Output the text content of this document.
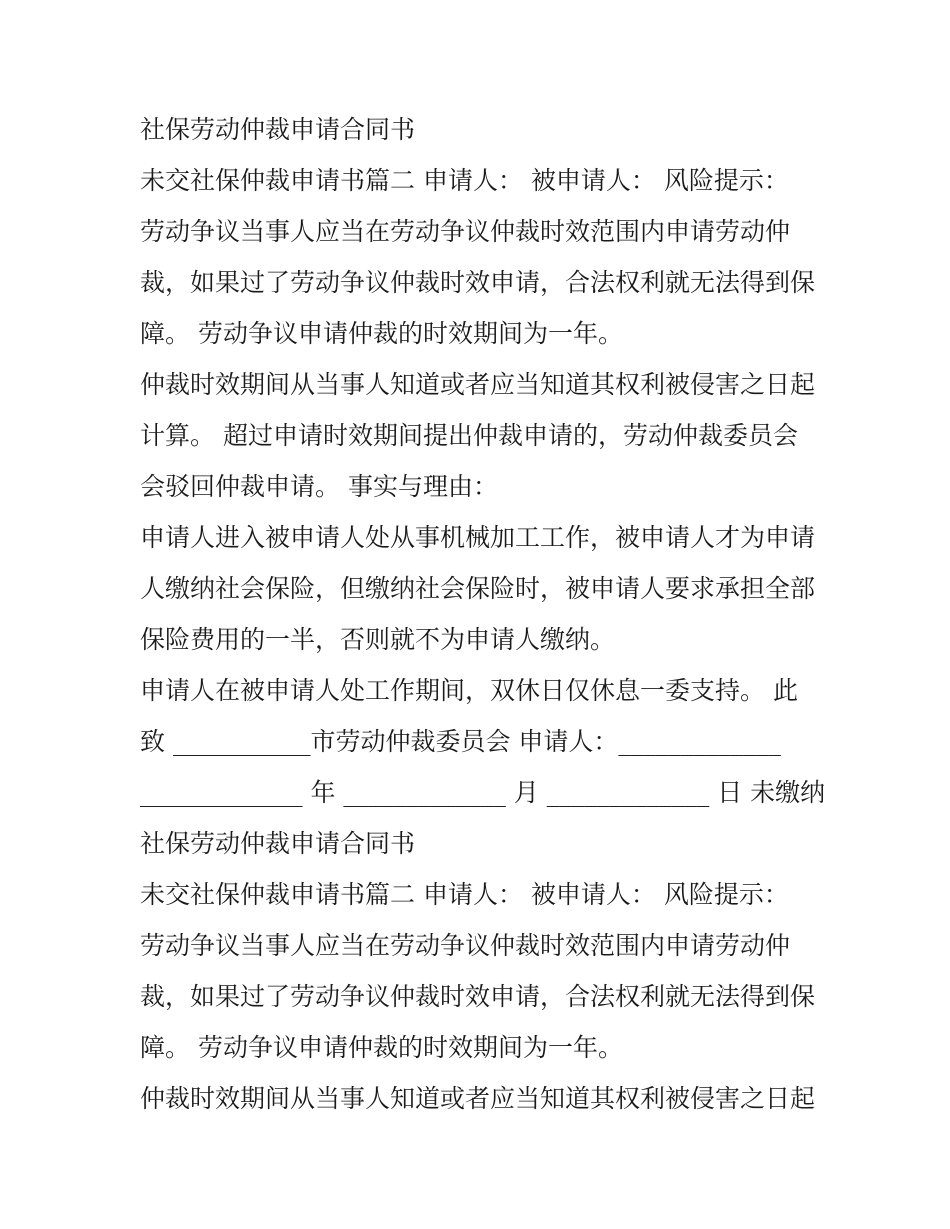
社保劳动仲裁申请合同书
未交社保仲裁申请书篇二 申请人： 被申请人： 风险提示：
劳动争议当事人应当在劳动争议仲裁时效范围内申请劳动仲
裁，如果过了劳动争议仲裁时效申请，合法权利就无法得到保
障。 劳动争议申请仲裁的时效期间为一年。
仲裁时效期间从当事人知道或者应当知道其权利被侵害之日起
计算。 超过申请时效期间提出仲裁申请的，劳动仲裁委员会
会驳回仲裁申请。 事实与理由：
申请人进入被申请人处从事机械加工工作，被申请人才为申请
人缴纳社会保险，但缴纳社会保险时，被申请人要求承担全部
保险费用的一半，否则就不为申请人缴纳。
申请人在被申请人处工作期间，双休日仅休息一委支持。 此
致 ___________市劳动仲裁委员会 申请人：_____________
_____________ 年 _____________ 月 _____________ 日 未缴纳
社保劳动仲裁申请合同书
未交社保仲裁申请书篇二 申请人： 被申请人： 风险提示：
劳动争议当事人应当在劳动争议仲裁时效范围内申请劳动仲
裁，如果过了劳动争议仲裁时效申请，合法权利就无法得到保
障。 劳动争议申请仲裁的时效期间为一年。
仲裁时效期间从当事人知道或者应当知道其权利被侵害之日起
